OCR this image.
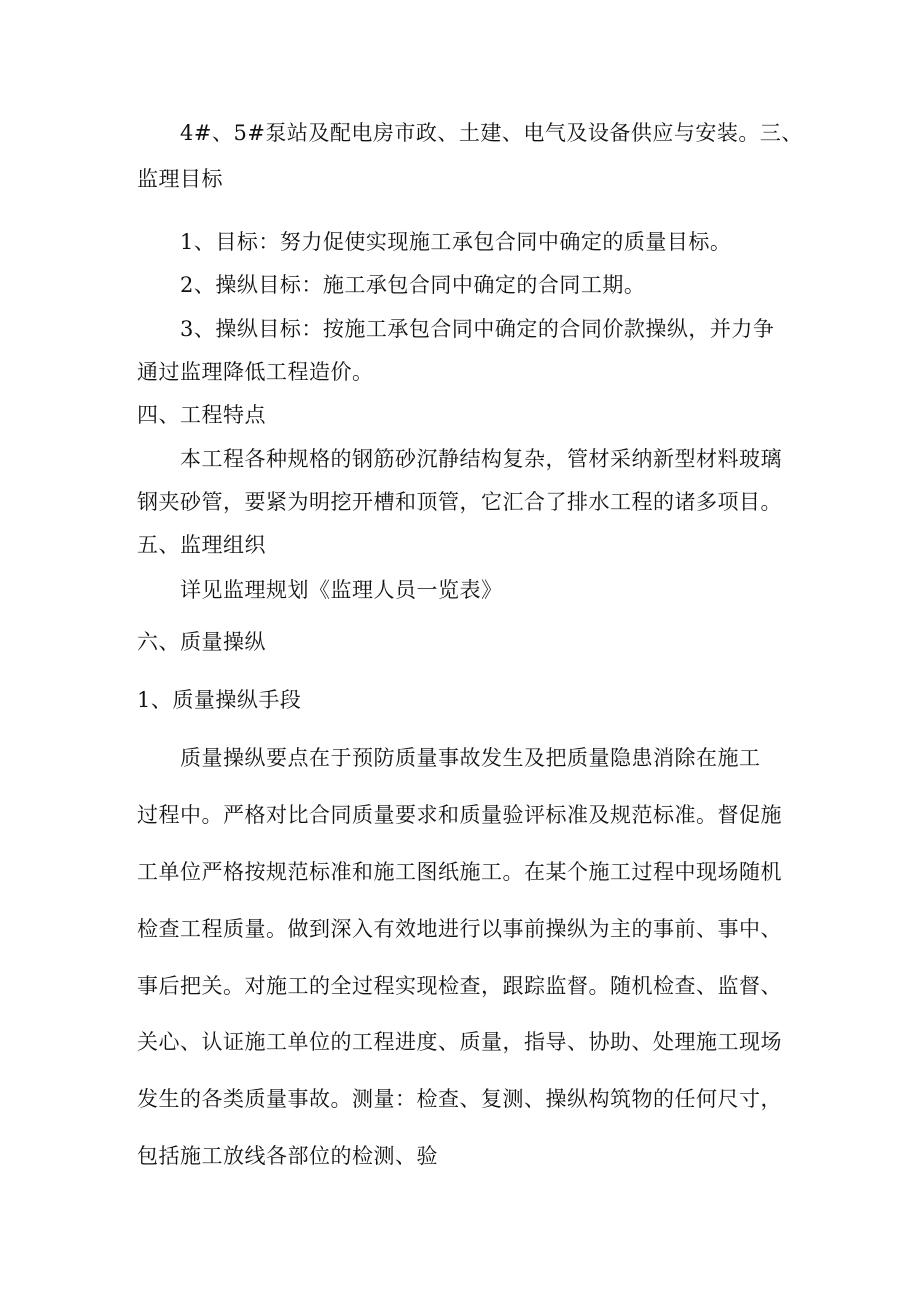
4#、5#泵站及配电房市政、土建、电气及设备供应与安装。三、
监理目标
1、目标：努力促使实现施工承包合同中确定的质量目标。
2、操纵目标：施工承包合同中确定的合同工期。
3、操纵目标：按施工承包合同中确定的合同价款操纵，并力争
通过监理降低工程造价。
四、工程特点
本工程各种规格的钢筋砂沉静结构复杂，管材采纳新型材料玻璃
钢夹砂管，要紧为明挖开槽和顶管，它汇合了排水工程的诸多项目。
五、监理组织
详见监理规划《监理人员一览表》
六、质量操纵
1、质量操纵手段
质量操纵要点在于预防质量事故发生及把质量隐患消除在施工
过程中。严格对比合同质量要求和质量验评标准及规范标准。督促施
工单位严格按规范标准和施工图纸施工。在某个施工过程中现场随机
检查工程质量。做到深入有效地进行以事前操纵为主的事前、事中、
事后把关。对施工的全过程实现检查，跟踪监督。随机检查、监督、
关心、认证施工单位的工程进度、质量，指导、协助、处理施工现场
发生的各类质量事故。测量：检查、复测、操纵构筑物的任何尺寸，
包括施工放线各部位的检测、验
